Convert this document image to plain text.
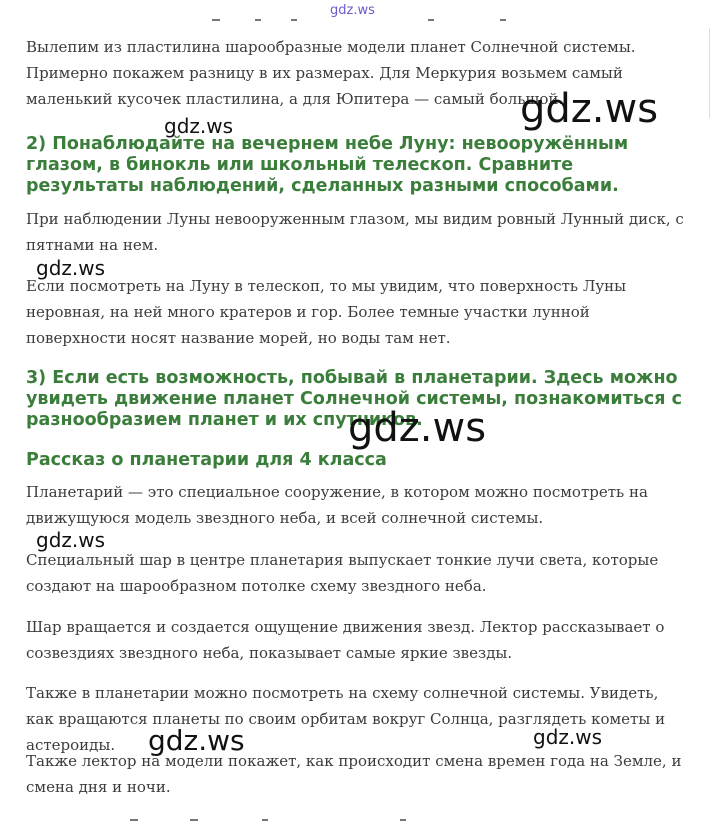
gdz.ws

Вылепим из пластилина шарообразные модели планет Солнечной системы. Примерно покажем разницу в их размерах. Для Меркурия возьмем самый маленький кусочек пластилина, а для Юпитера — самый большой.

2) Понаблюдайте на вечернем небе Луну: невооружённым глазом, в бинокль или школьный телескоп. Сравните результаты наблюдений, сделанных разными способами.

При наблюдении Луны невооруженным глазом, мы видим ровный Лунный диск, с пятнами на нем.

Если посмотреть на Луну в телескоп, то мы увидим, что поверхность Луны неровная, на ней много кратеров и гор. Более темные участки лунной поверхности носят название морей, но воды там нет.

3) Если есть возможность, побывай в планетарии. Здесь можно увидеть движение планет Солнечной системы, познакомиться с разнообразием планет и их спутников.
Рассказ о планетарии для 4 класса

Планетарий — это специальное сооружение, в котором можно посмотреть на движущуюся модель звездного неба, и всей солнечной системы.

Специальный шар в центре планетария выпускает тонкие лучи света, которые создают на шарообразном потолке схему звездного неба.

Шар вращается и создается ощущение движения звезд. Лектор рассказывает о созвездиях звездного неба, показывает самые яркие звезды.

Также в планетарии можно посмотреть на схему солнечной системы. Увидеть, как вращаются планеты по своим орбитам вокруг Солнца, разглядеть кометы и астероиды.

Также лектор на модели покажет, как происходит смена времен года на Земле, и смена дня и ночи.

gdz.ws
gdz.ws
gdz.ws
gdz.ws
gdz.ws
gdz.ws
gdz.ws
